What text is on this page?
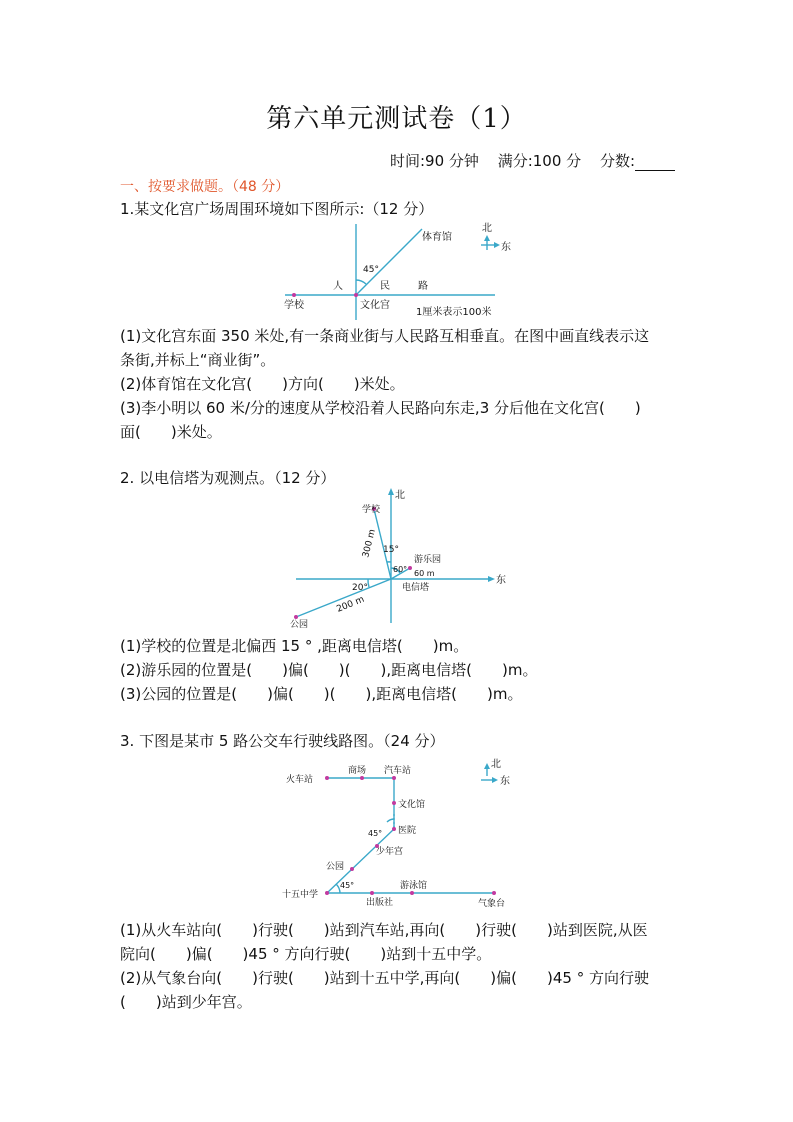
第六单元测试卷（1）
时间:90 分钟 满分:100 分 分数:
一、按要求做题。（48 分）
1.某文化宫广场周围环境如下图所示:（12 分）
北
东
体育馆
45°
人	民	路
学校	文化宫
1厘米表示100米
(1)文化宫东面 350 米处,有一条商业街与人民路互相垂直。在图中画直线表示这
条街,并标上“商业街”。
(2)体育馆在文化宫(　　)方向(　　)米处。
(3)李小明以 60 米/分的速度从学校沿着人民路向东走,3 分后他在文化宫(　　)
面(　　)米处。
2. 以电信塔为观测点。（12 分）
北
东
学校
300 m 15°
游乐园
60° 60 m
20°
200 m
公园
电信塔
(1)学校的位置是北偏西 15 ° ,距离电信塔(　　)m。
(2)游乐园的位置是(　　)偏(　　)(　　),距离电信塔(　　)m。
(3)公园的位置是(　　)偏(　　)(　　),距离电信塔(　　)m。
3. 下图是某市 5 路公交车行驶线路图。（24 分）
北
东
火车站
商场 汽车站
文化馆
医院
45°
少年宫
公园
十五中学
45°
出版社
游泳馆
气象台
(1)从火车站向(　　)行驶(　　)站到汽车站,再向(　　)行驶(　　)站到医院,从医
院向(　　)偏(　　)45 ° 方向行驶(　　)站到十五中学。
(2)从气象台向(　　)行驶(　　)站到十五中学,再向(　　)偏(　　)45 ° 方向行驶
(　　)站到少年宫。
